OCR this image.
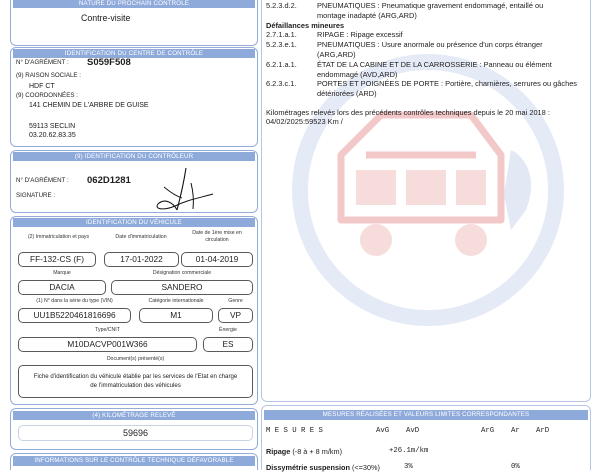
NATURE DU PROCHAIN CONTRÔLE
Contre-visite
IDENTIFICATION DU CENTRE DE CONTRÔLE
N° D'AGRÉMENT : S059F508
(9) RAISON SOCIALE :
HDF CT
(9) COORDONNÉES :
141 CHEMIN DE L'ARBRE DE GUISE
59113 SECLIN
03.20.62.83.35
(9) IDENTIFICATION DU CONTRÔLEUR
N° D'AGRÉMENT : 062D1281
SIGNATURE :
IDENTIFICATION DU VÉHICULE
(2) Immatriculation et pays	Date d'immatriculation
Date de 1ère mise en
circulation
FF-132-CS (F)	17-01-2022	01-04-2019
Marque	Désignation commerciale
DACIA	SANDERO
(1) N° dans la série du type (VIN)	Catégorie internationale	Genre
UU1B5220461816696	M1	VP
Type/CNIT	Énergie
M10DACVP001W366	ES
Document(s) présenté(s)
Fiche d'identification du véhicule établie par les services de l'Etat en charge
de l'immatriculation des véhicules
(4) KILOMÉTRAGE RELEVÉ
59696
INFORMATIONS SUR LE CONTRÔLE TECHNIQUE DÉFAVORABLE
5.2.3.d.2.	PNEUMATIQUES : Pneumatique gravement endommagé, entaillé ou
montage inadapté (ARG,ARD)
Défaillances mineures
2.7.1.a.1.	RIPAGE : Ripage excessif
5.2.3.e.1.	PNEUMATIQUES : Usure anormale ou présence d'un corps étranger
(ARG,ARD)
6.2.1.a.1.	ÉTAT DE LA CABINE ET DE LA CARROSSERIE : Panneau ou élément
endommagé (AVD,ARD)
6.2.3.c.1.	PORTES ET POIGNÉES DE PORTE : Portière, charnières, serrures ou gâches
détériorées (ARD)
Kilométrages relevés lors des précédents contrôles techniques depuis le 20 mai 2018 :
04/02/2025:59523 Km /
MESURES RÉALISÉES ET VALEURS LIMITES CORRESPONDANTES
M E S U R E S	AvG AvD	ArG Ar ArD
Ripage (-8 à + 8 m/km)	+26.1m/km
Dissymétrie suspension (<=30%)	3%	0%
